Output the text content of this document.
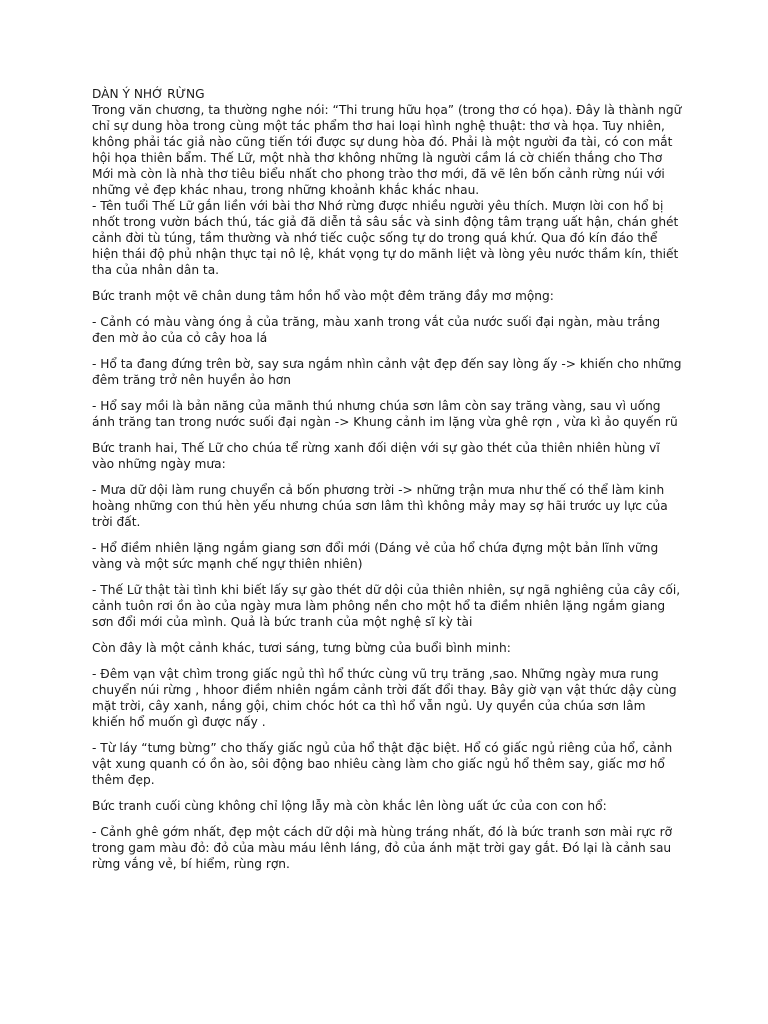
DÀN Ý NHỚ RỪNG

Trong văn chương, ta thường nghe nói: “Thi trung hữu họa” (trong thơ có họa). Đây là thành ngữ chỉ sự dung hòa trong cùng một tác phẩm thơ hai loại hình nghệ thuật: thơ và họa. Tuy nhiên, không phải tác giả nào cũng tiến tới được sự dung hòa đó. Phải là một người đa tài, có con mắt hội họa thiên bẩm. Thế Lữ, một nhà thơ không những là người cầm lá cờ chiến thắng cho Thơ Mới mà còn là nhà thơ tiêu biểu nhất cho phong trào thơ mới, đã vẽ lên bốn cảnh rừng núi với những vẻ đẹp khác nhau, trong những khoảnh khắc khác nhau.

- Tên tuổi Thế Lữ gắn liền với bài thơ Nhớ rừng được nhiều người yêu thích. Mượn lời con hổ bị nhốt trong vườn bách thú, tác giả đã diễn tả sâu sắc và sinh động tâm trạng uất hận, chán ghét cảnh đời tù túng, tầm thường và nhớ tiếc cuộc sống tự do trong quá khứ. Qua đó kín đáo thể hiện thái độ phủ nhận thực tại nô lệ, khát vọng tự do mãnh liệt và lòng yêu nước thầm kín, thiết tha của nhân dân ta.

Bức tranh một vẽ chân dung tâm hồn hổ vào một đêm trăng đầy mơ mộng:

- Cảnh có màu vàng óng ả của trăng, màu xanh trong vắt của nước suối đại ngàn, màu trắng đen mờ ảo của cỏ cây hoa lá

- Hổ ta đang đứng trên bờ, say sưa ngắm nhìn cảnh vật đẹp đến say lòng ấy -> khiến cho những đêm trăng trở nên huyền ảo hơn

- Hổ say mồi là bản năng của mãnh thú nhưng chúa sơn lâm còn say trăng vàng, sau vì uống ánh trăng tan trong nước suối đại ngàn -> Khung cảnh im lặng vừa ghê rợn , vừa kì ảo quyến rũ

Bức tranh hai, Thế Lữ cho chúa tể rừng xanh đối diện với sự gào thét của thiên nhiên hùng vĩ vào những ngày mưa:

- Mưa dữ dội làm rung chuyển cả bốn phương trời -> những trận mưa như thế có thể làm kinh hoàng những con thú hèn yếu nhưng chúa sơn lâm thì không mảy may sợ hãi trước uy lực của trời đất.

- Hổ điềm nhiên lặng ngắm giang sơn đổi mới (Dáng vẻ của hổ chứa đựng một bản lĩnh vững vàng và một sức mạnh chế ngự thiên nhiên)

- Thế Lữ thật tài tình khi biết lấy sự gào thét dữ dội của thiên nhiên, sự ngã nghiêng của cây cối, cảnh tuôn rơi ồn ào của ngày mưa làm phông nền cho một hổ ta điềm nhiên lặng ngắm giang sơn đổi mới của mình. Quả là bức tranh của một nghệ sĩ kỳ tài

Còn đây là một cảnh khác, tươi sáng, tưng bừng của buổi bình minh:

- Đêm vạn vật chìm trong giấc ngủ thì hổ thức cùng vũ trụ trăng ,sao. Những ngày mưa rung chuyển núi rừng , hhoor điềm nhiên ngắm cảnh trời đất đổi thay. Bây giờ vạn vật thức dậy cùng mặt trời, cây xanh, nắng gội, chim chóc hót ca thì hổ vẫn ngủ. Uy quyền của chúa sơn lâm khiến hổ muốn gì được nấy .

- Từ láy “tưng bừng” cho thấy giấc ngủ của hổ thật đặc biệt. Hổ có giấc ngủ riêng của hổ, cảnh vật xung quanh có ồn ào, sôi động bao nhiêu càng làm cho giấc ngủ hổ thêm say, giấc mơ hổ thêm đẹp.

Bức tranh cuối cùng không chỉ lộng lẫy mà còn khắc lên lòng uất ức của con con hổ:

- Cảnh ghê gớm nhất, đẹp một cách dữ dội mà hùng tráng nhất, đó là bức tranh sơn mài rực rỡ trong gam màu đỏ: đỏ của màu máu lênh láng, đỏ của ánh mặt trời gay gắt. Đó lại là cảnh sau rừng vắng vẻ, bí hiểm, rùng rợn.
